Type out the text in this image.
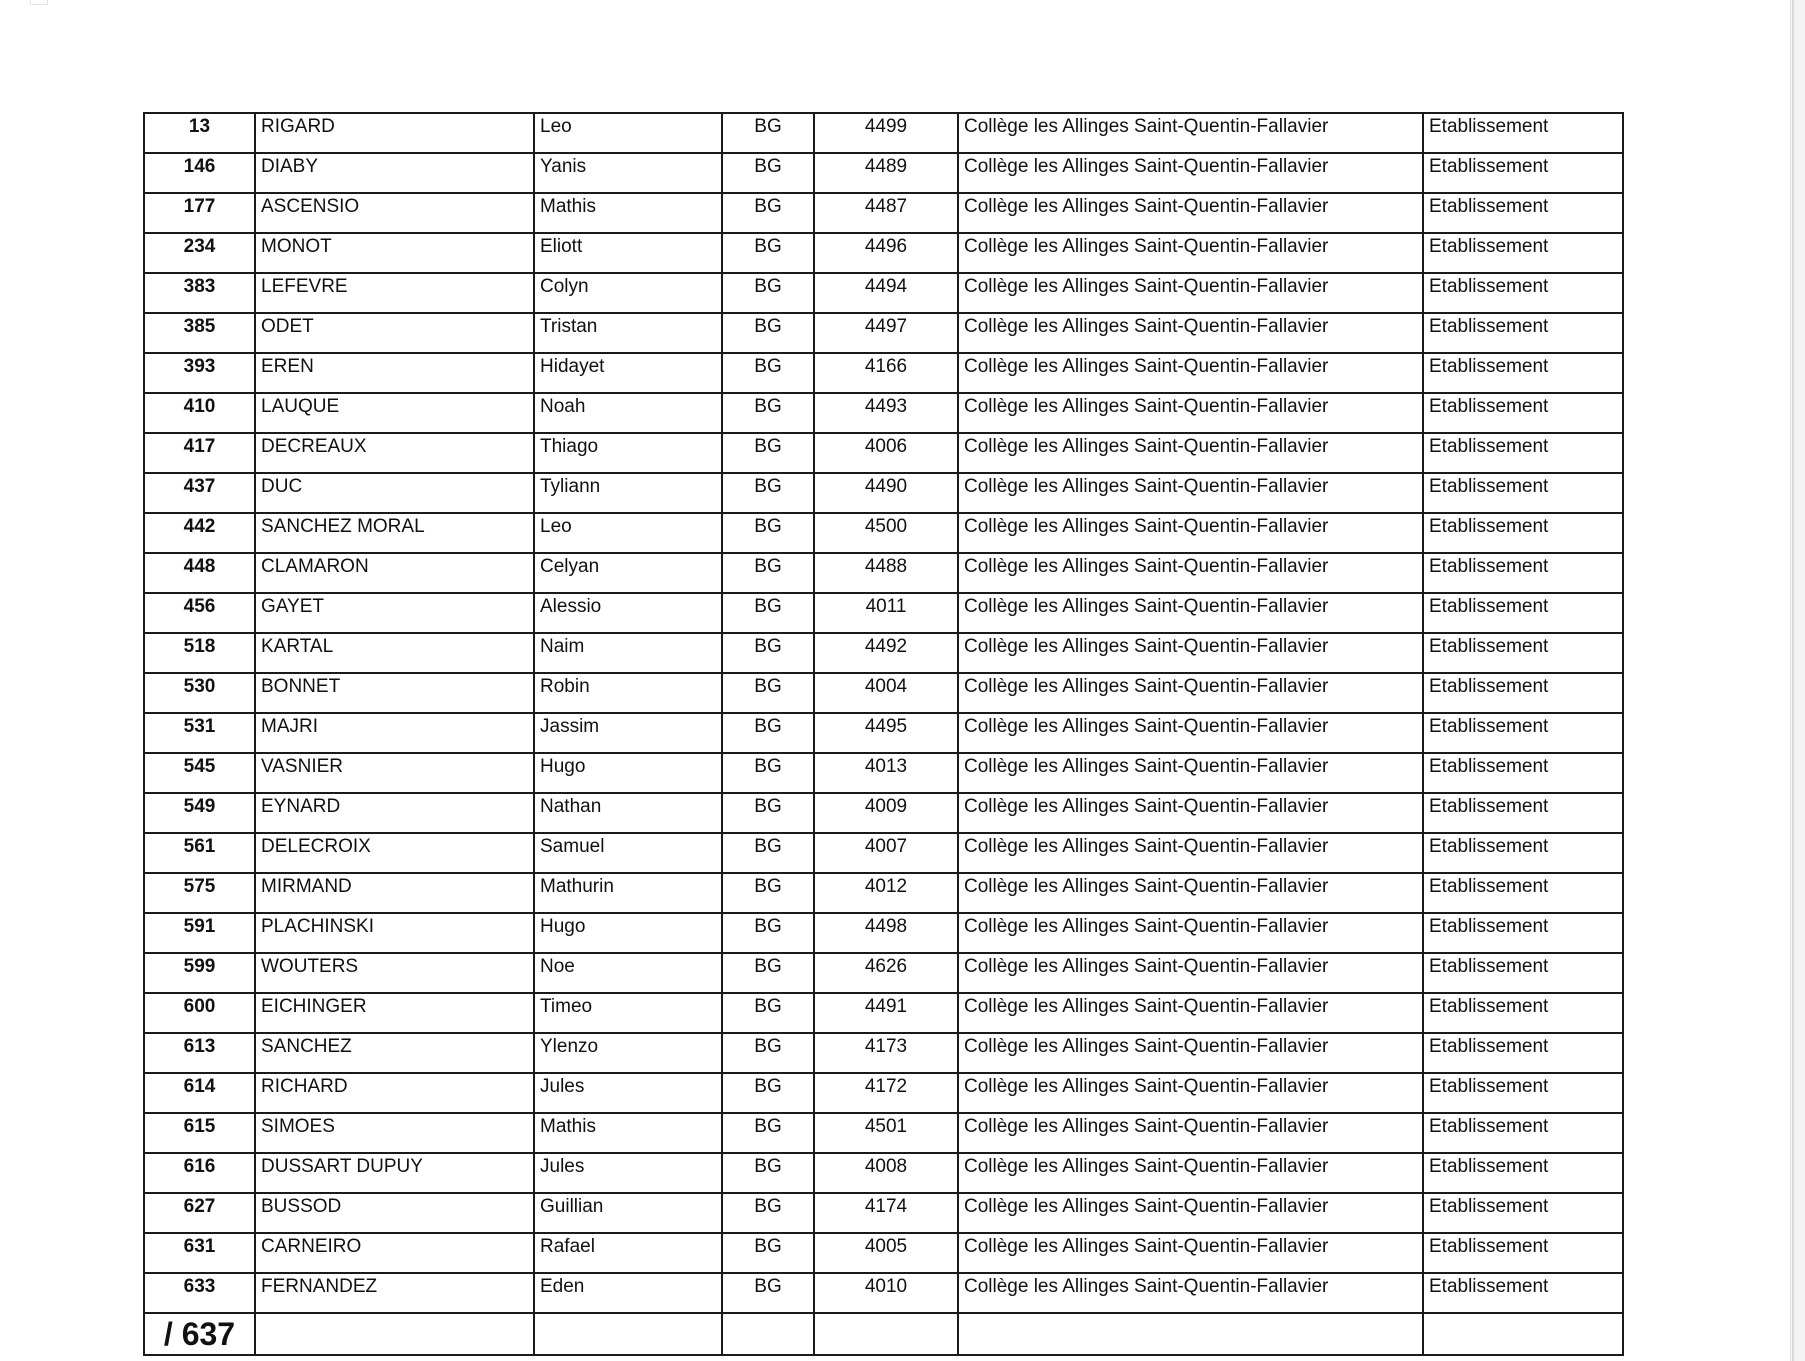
13	RIGARD	Leo	BG	4499	Collège les Allinges Saint-Quentin-Fallavier	Etablissement
146	DIABY	Yanis	BG	4489	Collège les Allinges Saint-Quentin-Fallavier	Etablissement
177	ASCENSIO	Mathis	BG	4487	Collège les Allinges Saint-Quentin-Fallavier	Etablissement
234	MONOT	Eliott	BG	4496	Collège les Allinges Saint-Quentin-Fallavier	Etablissement
383	LEFEVRE	Colyn	BG	4494	Collège les Allinges Saint-Quentin-Fallavier	Etablissement
385	ODET	Tristan	BG	4497	Collège les Allinges Saint-Quentin-Fallavier	Etablissement
393	EREN	Hidayet	BG	4166	Collège les Allinges Saint-Quentin-Fallavier	Etablissement
410	LAUQUE	Noah	BG	4493	Collège les Allinges Saint-Quentin-Fallavier	Etablissement
417	DECREAUX	Thiago	BG	4006	Collège les Allinges Saint-Quentin-Fallavier	Etablissement
437	DUC	Tyliann	BG	4490	Collège les Allinges Saint-Quentin-Fallavier	Etablissement
442	SANCHEZ MORAL	Leo	BG	4500	Collège les Allinges Saint-Quentin-Fallavier	Etablissement
448	CLAMARON	Celyan	BG	4488	Collège les Allinges Saint-Quentin-Fallavier	Etablissement
456	GAYET	Alessio	BG	4011	Collège les Allinges Saint-Quentin-Fallavier	Etablissement
518	KARTAL	Naim	BG	4492	Collège les Allinges Saint-Quentin-Fallavier	Etablissement
530	BONNET	Robin	BG	4004	Collège les Allinges Saint-Quentin-Fallavier	Etablissement
531	MAJRI	Jassim	BG	4495	Collège les Allinges Saint-Quentin-Fallavier	Etablissement
545	VASNIER	Hugo	BG	4013	Collège les Allinges Saint-Quentin-Fallavier	Etablissement
549	EYNARD	Nathan	BG	4009	Collège les Allinges Saint-Quentin-Fallavier	Etablissement
561	DELECROIX	Samuel	BG	4007	Collège les Allinges Saint-Quentin-Fallavier	Etablissement
575	MIRMAND	Mathurin	BG	4012	Collège les Allinges Saint-Quentin-Fallavier	Etablissement
591	PLACHINSKI	Hugo	BG	4498	Collège les Allinges Saint-Quentin-Fallavier	Etablissement
599	WOUTERS	Noe	BG	4626	Collège les Allinges Saint-Quentin-Fallavier	Etablissement
600	EICHINGER	Timeo	BG	4491	Collège les Allinges Saint-Quentin-Fallavier	Etablissement
613	SANCHEZ	Ylenzo	BG	4173	Collège les Allinges Saint-Quentin-Fallavier	Etablissement
614	RICHARD	Jules	BG	4172	Collège les Allinges Saint-Quentin-Fallavier	Etablissement
615	SIMOES	Mathis	BG	4501	Collège les Allinges Saint-Quentin-Fallavier	Etablissement
616	DUSSART DUPUY	Jules	BG	4008	Collège les Allinges Saint-Quentin-Fallavier	Etablissement
627	BUSSOD	Guillian	BG	4174	Collège les Allinges Saint-Quentin-Fallavier	Etablissement
631	CARNEIRO	Rafael	BG	4005	Collège les Allinges Saint-Quentin-Fallavier	Etablissement
633	FERNANDEZ	Eden	BG	4010	Collège les Allinges Saint-Quentin-Fallavier	Etablissement
/ 637						
